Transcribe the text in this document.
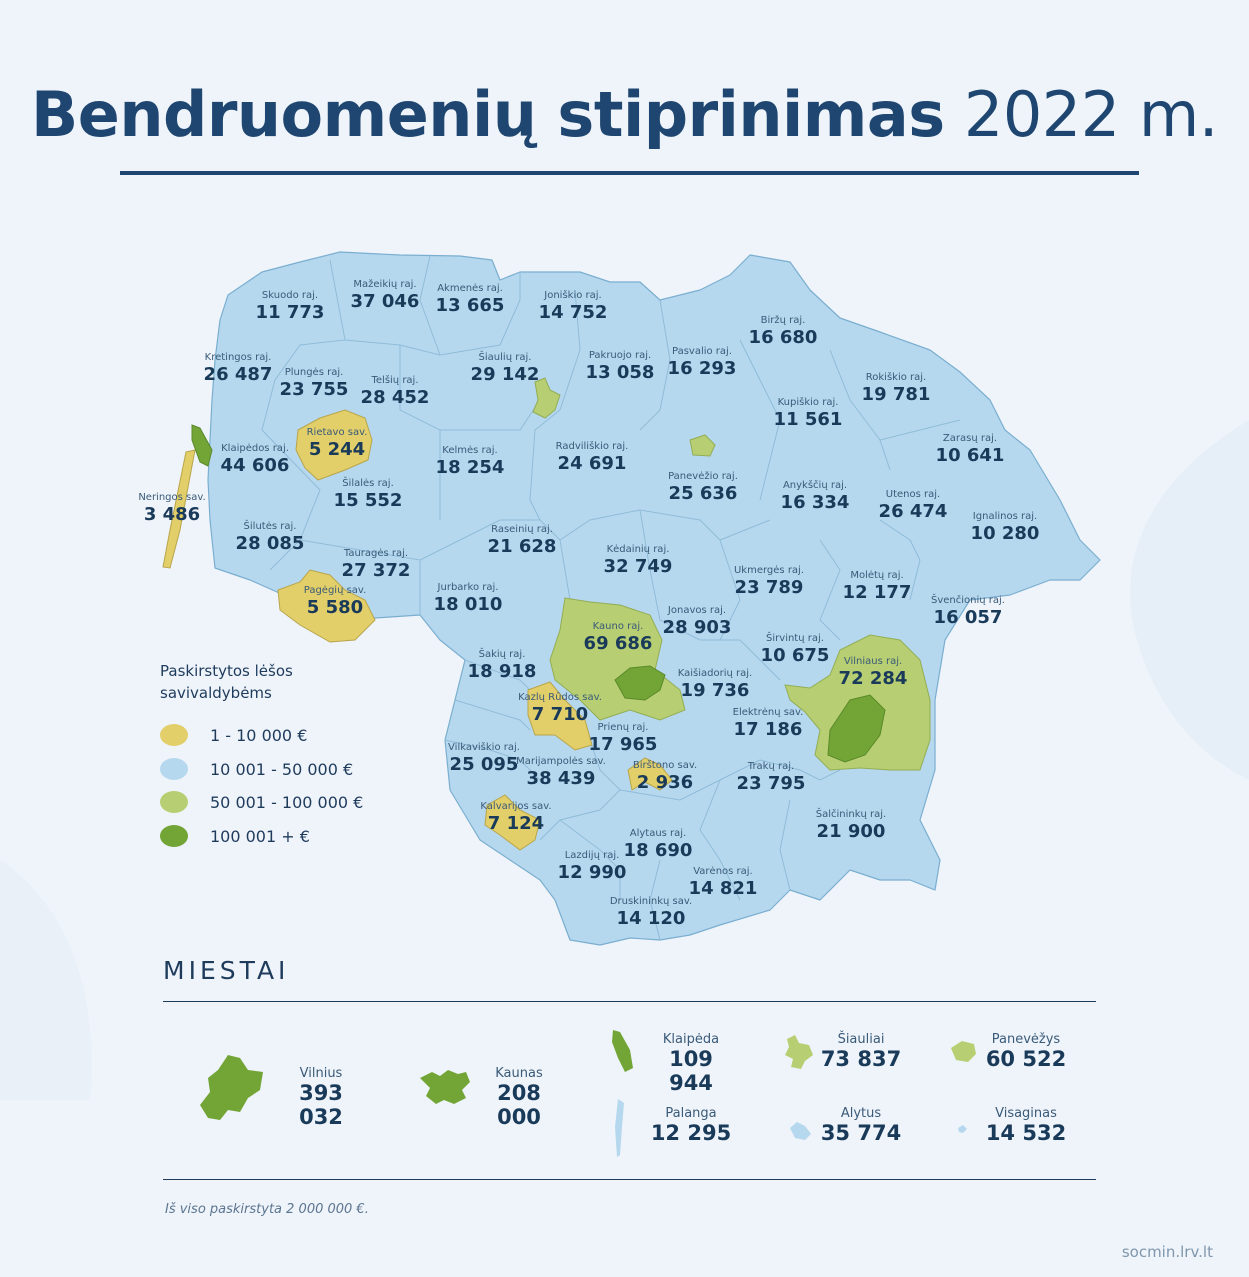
Bendruomenių stiprinimas 2022 m.
Skuodo raj.
11 773
Mažeikių raj.
37 046
Akmenės raj.
13 665	Joniškio raj.
14 752	Biržų raj.
16 680
Kretingos raj.
26 487	Plungės raj.
23 755	Telšių raj.
28 452
Šiaulių raj.
29 142
Pakruojo raj.
13 058
Pasvalio raj.
16 293	Rokiškio raj.
19 781
Kupiškio raj.
11 561
Rietavo sav.
5 244
Klaipėdos raj.
44 606
Kelmės raj.
18 254
Radviliškio raj.
24 691
Panevėžio raj.
25 636
Zarasų raj.
10 641
Neringos sav.
3 486
Šilalės raj.
15 552
Anykščių raj.
16 334	Utenos raj.
26 474
Šilutės raj.
28 085
Raseinių raj.
21 628
Ignalinos raj.
10 280
Kėdainių raj.
32 749
Tauragės raj.
27 372	Ukmergės raj.
23 789
Molėtų raj.
12 177
Jurbarko raj.
18 010
Pagėgių sav.
5 580	Švenčionių raj.
16 057
Kauno raj.
69 686
Jonavos raj.
28 903
Širvintų raj.
10 675
Šakių raj.
18 918	Vilniaus raj.
72 284
Kaišiadorių raj.
19 736
Kazlų Rūdos sav.
7 710	Elektrėnų sav.
17 186
Prienų raj.
17 965
Vilkaviškio raj.
25 095
Marijampolės sav.
38 439
Birštono sav.
2 936
Trakų raj.
23 795
Kalvarijos sav.
7 124	Alytaus raj.
18 690
Šalčininkų raj.
21 900
Lazdijų raj.
12 990	Varėnos raj.
14 821
Druskininkų sav.
14 120
Paskirstytos lėšos
savivaldybėms
1 - 10 000 €
10 001 - 50 000 €
50 001 - 100 000 €
100 001 + €
MIESTAI
Vilnius
393 032
Kaunas
208 000
Klaipėda
109 944
Šiauliai
73 837
Panevėžys
60 522
Palanga
12 295
Alytus
35 774
Visaginas
14 532
Iš viso paskirstyta 2 000 000 €.
socmin.lrv.lt
